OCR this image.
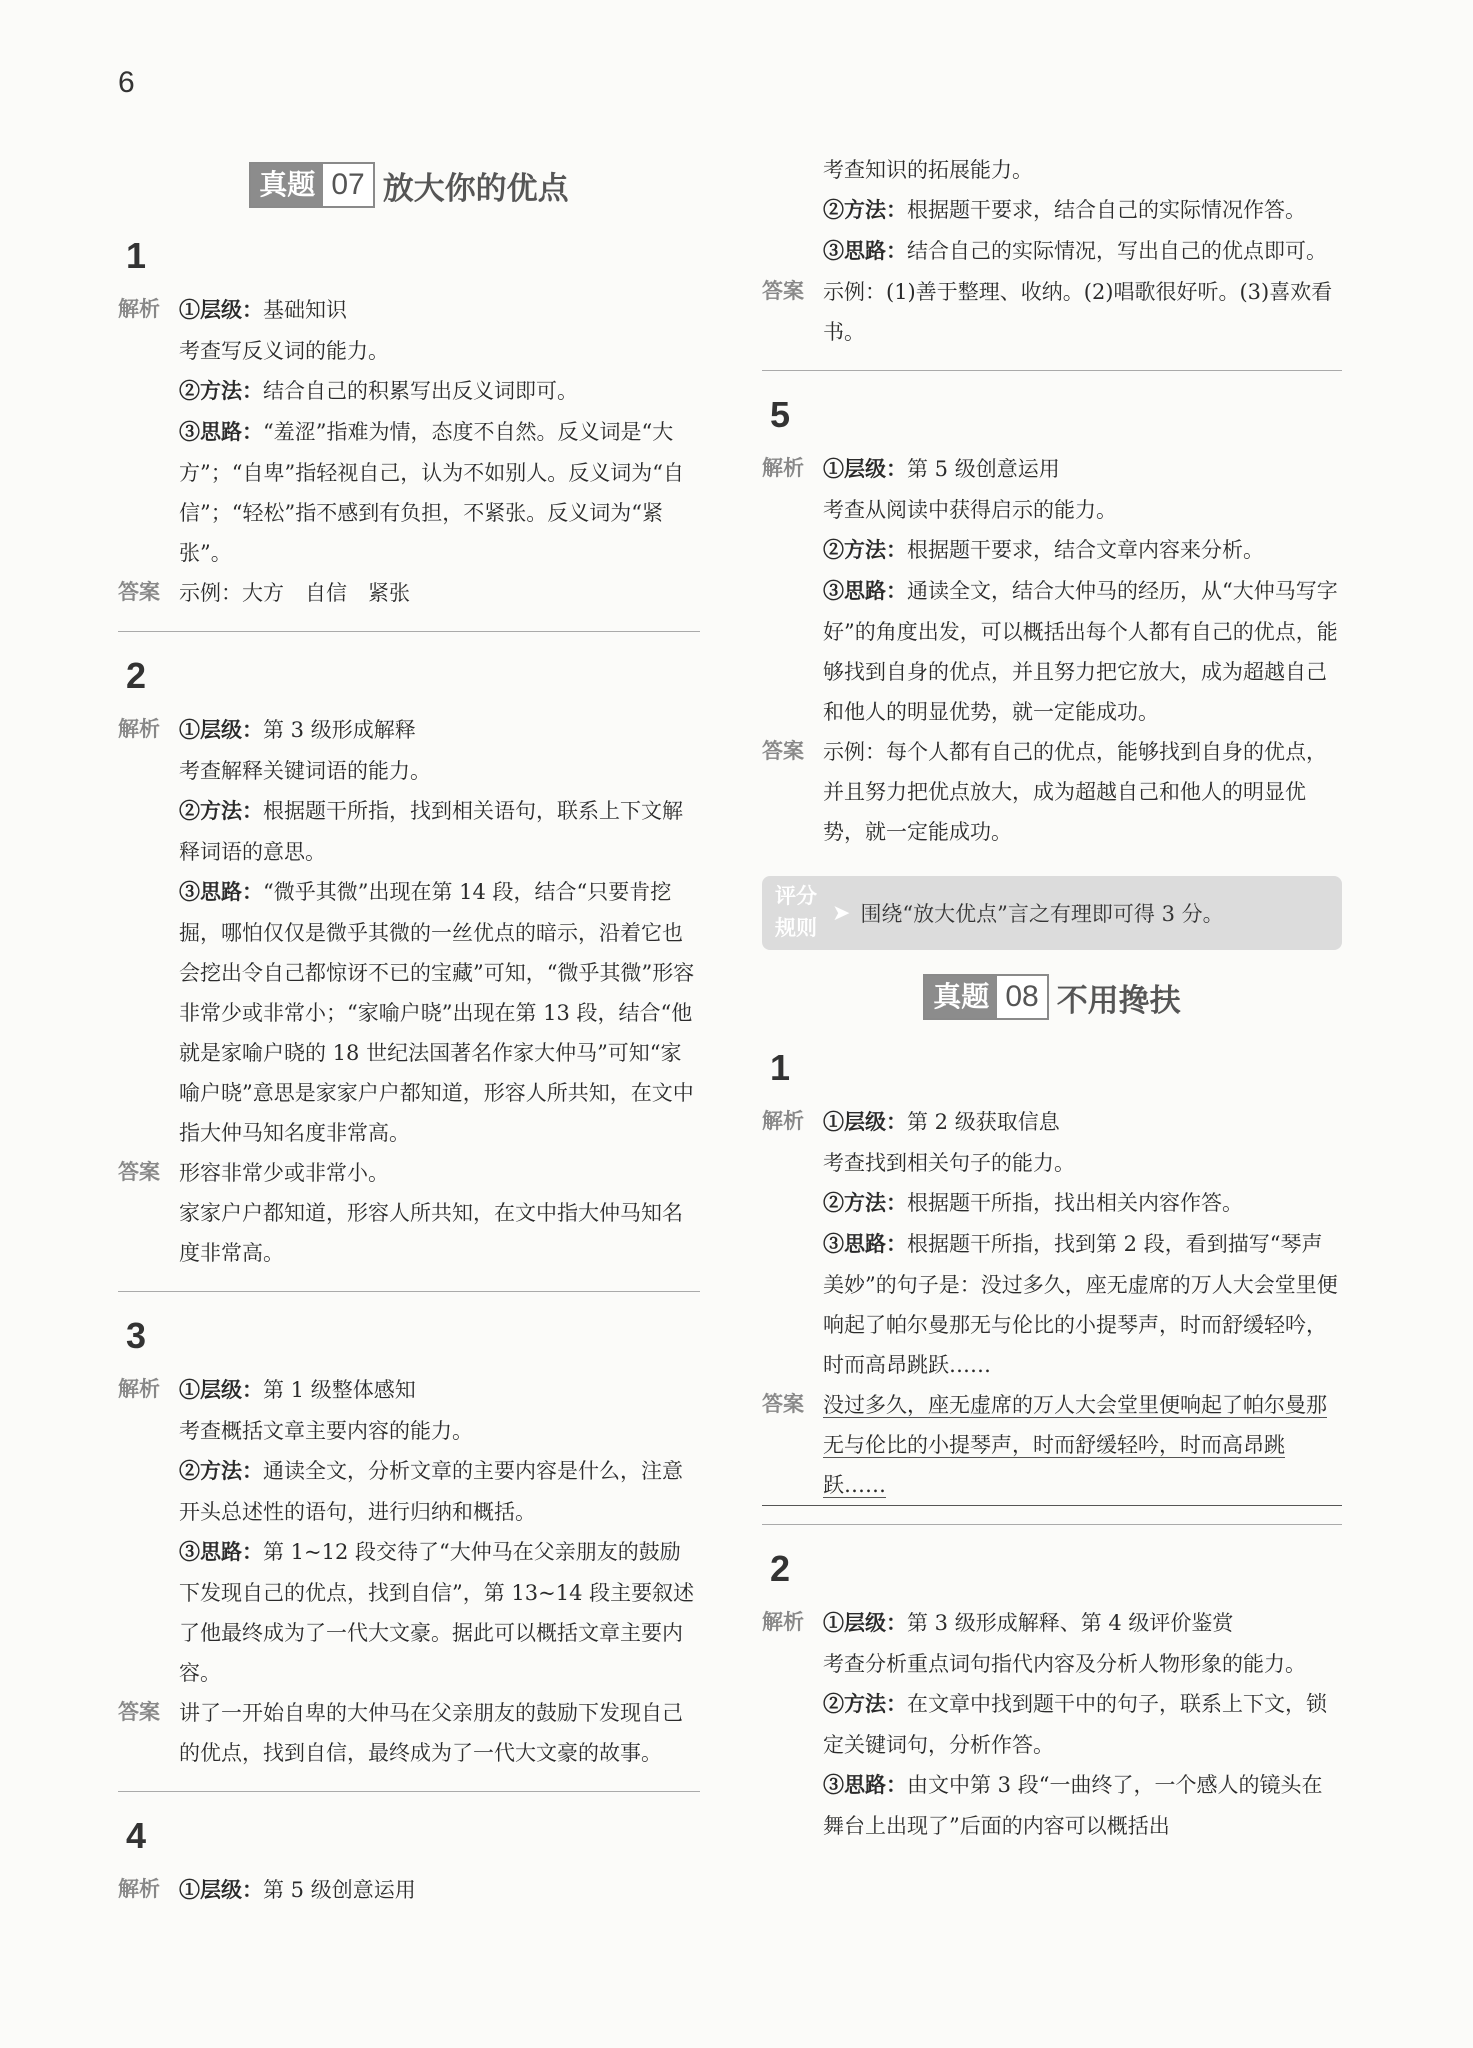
6
真题 07 放大你的优点
1
解析 ①层级：基础知识
考查写反义词的能力。
②方法：结合自己的积累写出反义词即可。
③思路：“羞涩”指难为情，态度不自然。反义词是“大方”；“自卑”指轻视自己，认为不如别人。反义词为“自信”；“轻松”指不感到有负担，不紧张。反义词为“紧张”。
答案 示例：大方　自信　紧张
2
解析 ①层级：第 3 级形成解释
考查解释关键词语的能力。
②方法：根据题干所指，找到相关语句，联系上下文解释词语的意思。
③思路：“微乎其微”出现在第 14 段，结合“只要肯挖掘，哪怕仅仅是微乎其微的一丝优点的暗示，沿着它也会挖出令自己都惊讶不已的宝藏”可知，“微乎其微”形容非常少或非常小；“家喻户晓”出现在第 13 段，结合“他就是家喻户晓的 18 世纪法国著名作家大仲马”可知“家喻户晓”意思是家家户户都知道，形容人所共知，在文中指大仲马知名度非常高。
答案 形容非常少或非常小。
家家户户都知道，形容人所共知，在文中指大仲马知名度非常高。
3
解析 ①层级：第 1 级整体感知
考查概括文章主要内容的能力。
②方法：通读全文，分析文章的主要内容是什么，注意开头总述性的语句，进行归纳和概括。
③思路：第 1~12 段交待了“大仲马在父亲朋友的鼓励下发现自己的优点，找到自信”，第 13~14 段主要叙述了他最终成为了一代大文豪。据此可以概括文章主要内容。
答案 讲了一开始自卑的大仲马在父亲朋友的鼓励下发现自己的优点，找到自信，最终成为了一代大文豪的故事。
4
解析 ①层级：第 5 级创意运用
考查知识的拓展能力。
②方法：根据题干要求，结合自己的实际情况作答。
③思路：结合自己的实际情况，写出自己的优点即可。
答案 示例：(1)善于整理、收纳。(2)唱歌很好听。(3)喜欢看书。
5
解析 ①层级：第 5 级创意运用
考查从阅读中获得启示的能力。
②方法：根据题干要求，结合文章内容来分析。
③思路：通读全文，结合大仲马的经历，从“大仲马写字好”的角度出发，可以概括出每个人都有自己的优点，能够找到自身的优点，并且努力把它放大，成为超越自己和他人的明显优势，就一定能成功。
答案 示例：每个人都有自己的优点，能够找到自身的优点，并且努力把优点放大，成为超越自己和他人的明显优势，就一定能成功。
评分
规则
➤ 围绕“放大优点”言之有理即可得 3 分。
真题 08 不用搀扶
1
解析 ①层级：第 2 级获取信息
考查找到相关句子的能力。
②方法：根据题干所指，找出相关内容作答。
③思路：根据题干所指，找到第 2 段，看到描写“琴声美妙”的句子是：没过多久，座无虚席的万人大会堂里便响起了帕尔曼那无与伦比的小提琴声，时而舒缓轻吟，时而高昂跳跃……
答案 没过多久，座无虚席的万人大会堂里便响起了帕尔曼那无与伦比的小提琴声，时而舒缓轻吟，时而高昂跳跃……
2
解析 ①层级：第 3 级形成解释、第 4 级评价鉴赏
考查分析重点词句指代内容及分析人物形象的能力。
②方法：在文章中找到题干中的句子，联系上下文，锁定关键词句，分析作答。
③思路：由文中第 3 段“一曲终了，一个感人的镜头在舞台上出现了”后面的内容可以概括出
